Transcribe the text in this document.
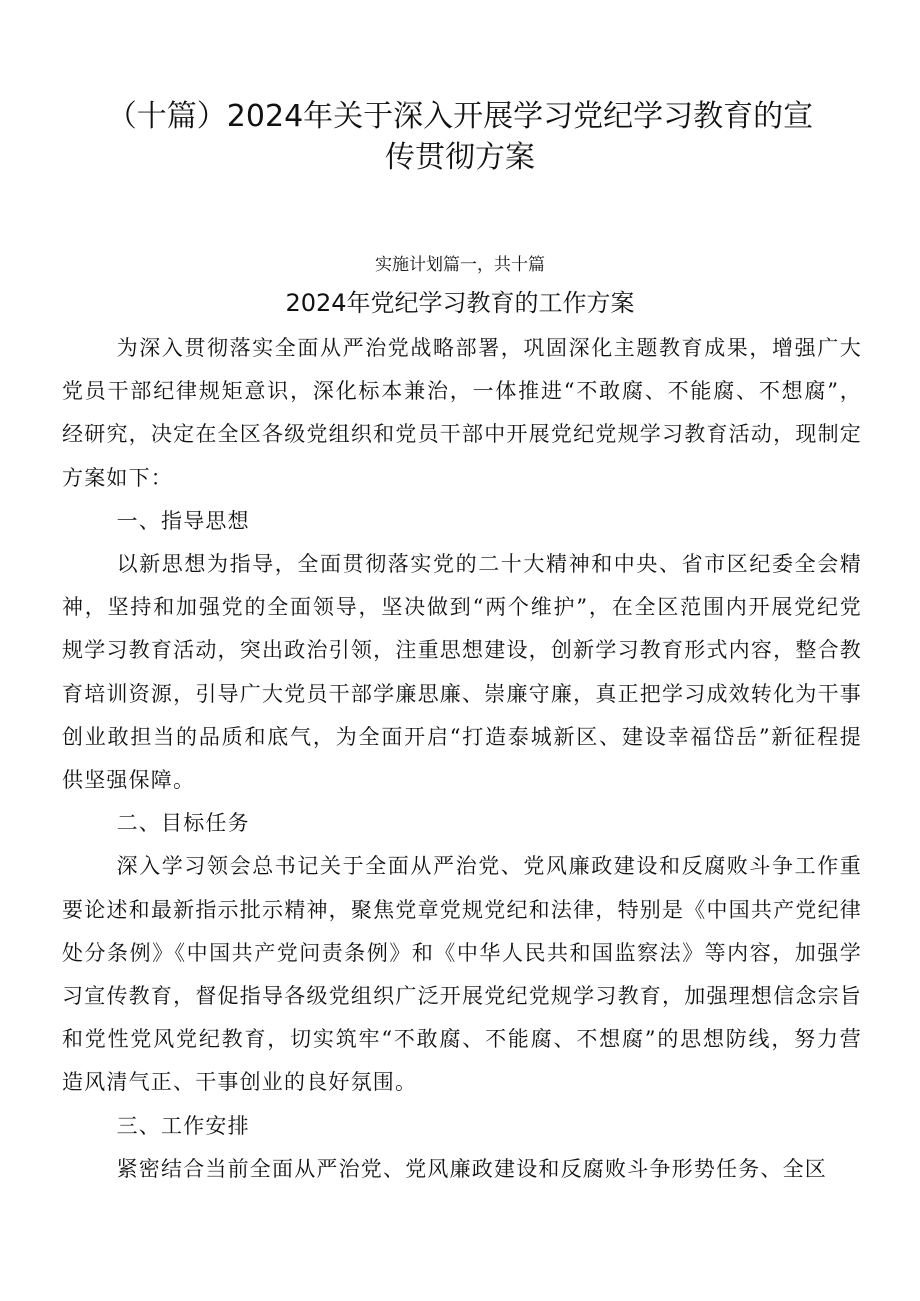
（十篇）2024年关于深入开展学习党纪学习教育的宣
传贯彻方案
实施计划篇一，共十篇
2024年党纪学习教育的工作方案

为深入贯彻落实全面从严治党战略部署，巩固深化主题教育成果，增强广大党员干部纪律规矩意识，深化标本兼治，一体推进“不敢腐、不能腐、不想腐”，经研究，决定在全区各级党组织和党员干部中开展党纪党规学习教育活动，现制定方案如下：

一、指导思想

以新思想为指导，全面贯彻落实党的二十大精神和中央、省市区纪委全会精神，坚持和加强党的全面领导，坚决做到“两个维护”，在全区范围内开展党纪党规学习教育活动，突出政治引领，注重思想建设，创新学习教育形式内容，整合教育培训资源，引导广大党员干部学廉思廉、崇廉守廉，真正把学习成效转化为干事创业敢担当的品质和底气，为全面开启“打造泰城新区、建设幸福岱岳”新征程提供坚强保障。

二、目标任务

深入学习领会总书记关于全面从严治党、党风廉政建设和反腐败斗争工作重要论述和最新指示批示精神，聚焦党章党规党纪和法律，特别是《中国共产党纪律处分条例》《中国共产党问责条例》和《中华人民共和国监察法》等内容，加强学习宣传教育，督促指导各级党组织广泛开展党纪党规学习教育，加强理想信念宗旨和党性党风党纪教育，切实筑牢“不敢腐、不能腐、不想腐”的思想防线，努力营造风清气正、干事创业的良好氛围。

三、工作安排

紧密结合当前全面从严治党、党风廉政建设和反腐败斗争形势任务、全区
